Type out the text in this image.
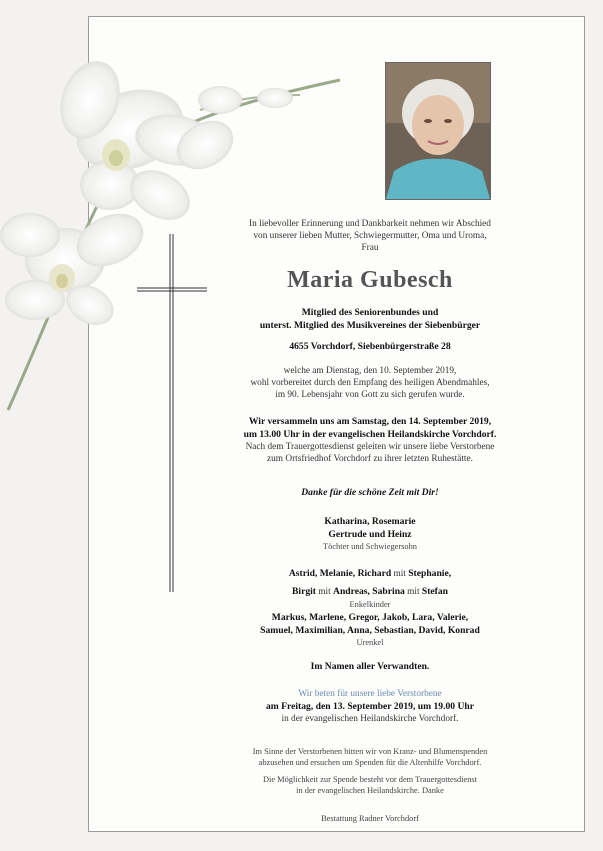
In liebevoller Erinnerung und Dankbarkeit nehmen wir Abschied
von unserer lieben Mutter, Schwiegermutter, Oma und Uroma,
Frau
Maria Gubesch
Mitglied des Seniorenbundes und
unterst. Mitglied des Musikvereines der Siebenbürger
4655 Vorchdorf, Siebenbürgerstraße 28
welche am Dienstag, den 10. September 2019,
wohl vorbereitet durch den Empfang des heiligen Abendmahles,
im 90. Lebensjahr von Gott zu sich gerufen wurde.
Wir versammeln uns am Samstag, den 14. September 2019,
um 13.00 Uhr in der evangelischen Heilandskirche Vorchdorf.
Nach dem Trauergottesdienst geleiten wir unsere liebe Verstorbene
zum Ortsfriedhof Vorchdorf zu ihrer letzten Ruhestätte.
Danke für die schöne Zeit mit Dir!
Katharina, Rosemarie
Gertrude und Heinz
Töchter und Schwiegersohn
Astrid, Melanie, Richard mit Stephanie,
Birgit mit Andreas, Sabrina mit Stefan
Enkelkinder
Markus, Marlene, Gregor, Jakob, Lara, Valerie,
Samuel, Maximilian, Anna, Sebastian, David, Konrad
Urenkel
Im Namen aller Verwandten.
Wir beten für unsere liebe Verstorbene
am Freitag, den 13. September 2019, um 19.00 Uhr
in der evangelischen Heilandskirche Vorchdorf.
Im Sinne der Verstorbenen bitten wir von Kranz- und Blumenspenden
abzusehen und ersuchen um Spenden für die Altenhilfe Vorchdorf.
Die Möglichkeit zur Spende besteht vor dem Trauergottesdienst
in der evangelischen Heilandskirche. Danke
Bestattung Radner Vorchdorf
